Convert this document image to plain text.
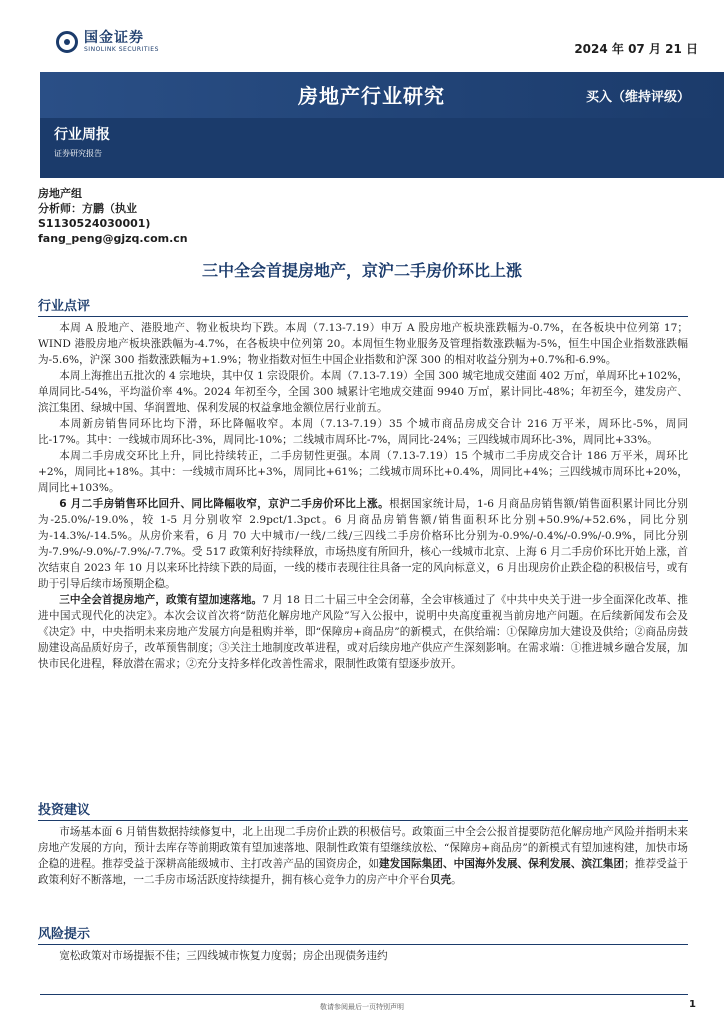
国金证券
SINOLINK SECURITIES	2024 年 07 月 21 日
房地产行业研究	买入（维持评级）
行业周报
证券研究报告
房地产组
分析师：方鹏（执业
S1130524030001)
fang_peng@gjzq.com.cn
三中全会首提房地产，京沪二手房价环比上涨
行业点评

本周 A 股地产、港股地产、物业板块均下跌。本周（7.13-7.19）申万 A 股房地产板块涨跌幅为-0.7%，在各板块中位列第 17；WIND 港股房地产板块涨跌幅为-4.7%，在各板块中位列第 20。本周恒生物业服务及管理指数涨跌幅为-5%，恒生中国企业指数涨跌幅为-5.6%，沪深 300 指数涨跌幅为+1.9%；物业指数对恒生中国企业指数和沪深 300 的相对收益分别为+0.7%和-6.9%。

本周上海推出五批次的 4 宗地块，其中仅 1 宗设限价。本周（7.13-7.19）全国 300 城宅地成交建面 402 万㎡，单周环比+102%，单周同比-54%，平均溢价率 4%。2024 年初至今，全国 300 城累计宅地成交建面 9940 万㎡，累计同比-48%；年初至今，建发房产、滨江集团、绿城中国、华润置地、保利发展的权益拿地金额位居行业前五。

本周新房销售同环比均下滑，环比降幅收窄。本周（7.13-7.19）35 个城市商品房成交合计 216 万平米，周环比-5%，周同比-17%。其中：一线城市周环比-3%，周同比-10%；二线城市周环比-7%，周同比-24%；三四线城市周环比-3%，周同比+33%。

本周二手房成交环比上升，同比持续转正，二手房韧性更强。本周（7.13-7.19）15 个城市二手房成交合计 186 万平米，周环比+2%，周同比+18%。其中：一线城市周环比+3%，周同比+61%；二线城市周环比+0.4%，周同比+4%；三四线城市周环比+20%，周同比+103%。

6 月二手房销售环比回升、同比降幅收窄，京沪二手房价环比上涨。根据国家统计局，1-6 月商品房销售额/销售面积累计同比分别为-25.0%/-19.0%，较 1-5 月分别收窄 2.9pct/1.3pct。6 月商品房销售额/销售面积环比分别+50.9%/+52.6%，同比分别为-14.3%/-14.5%。从房价来看，6 月 70 大中城市/一线/二线/三四线二手房价格环比分别为-0.9%/-0.4%/-0.9%/-0.9%，同比分别为-7.9%/-9.0%/-7.9%/-7.7%。受 517 政策利好持续释放，市场热度有所回升，核心一线城市北京、上海 6 月二手房价环比开始上涨，首次结束自 2023 年 10 月以来环比持续下跌的局面，一线的楼市表现往往具备一定的风向标意义，6 月出现房价止跌企稳的积极信号，或有助于引导后续市场预期企稳。

三中全会首提房地产，政策有望加速落地。7 月 18 日二十届三中全会闭幕，全会审核通过了《中共中央关于进一步全面深化改革、推进中国式现代化的决定》。本次会议首次将“防范化解房地产风险”写入公报中，说明中央高度重视当前房地产问题。在后续新闻发布会及《决定》中，中央指明未来房地产发展方向是租购并举，即“保障房+商品房”的新模式，在供给端：①保障房加大建设及供给；②商品房鼓励建设高品质好房子，改革预售制度；③关注土地制度改革进程，或对后续房地产供应产生深刻影响。在需求端：①推进城乡融合发展，加快市民化进程，释放潜在需求；②充分支持多样化改善性需求，限制性政策有望逐步放开。

投资建议

市场基本面 6 月销售数据持续修复中，北上出现二手房价止跌的积极信号。政策面三中全会公报首提要防范化解房地产风险并指明未来房地产发展的方向，预计去库存等前期政策有望加速落地、限制性政策有望继续放松、“保障房+商品房”的新模式有望加速构建，加快市场企稳的进程。推荐受益于深耕高能级城市、主打改善产品的国资房企，如建发国际集团、中国海外发展、保利发展、滨江集团；推荐受益于政策利好不断落地，一二手房市场活跃度持续提升，拥有核心竞争力的房产中介平台贝壳。

风险提示

宽松政策对市场提振不佳；三四线城市恢复力度弱；房企出现债务违约

敬请参阅最后一页特别声明	1
